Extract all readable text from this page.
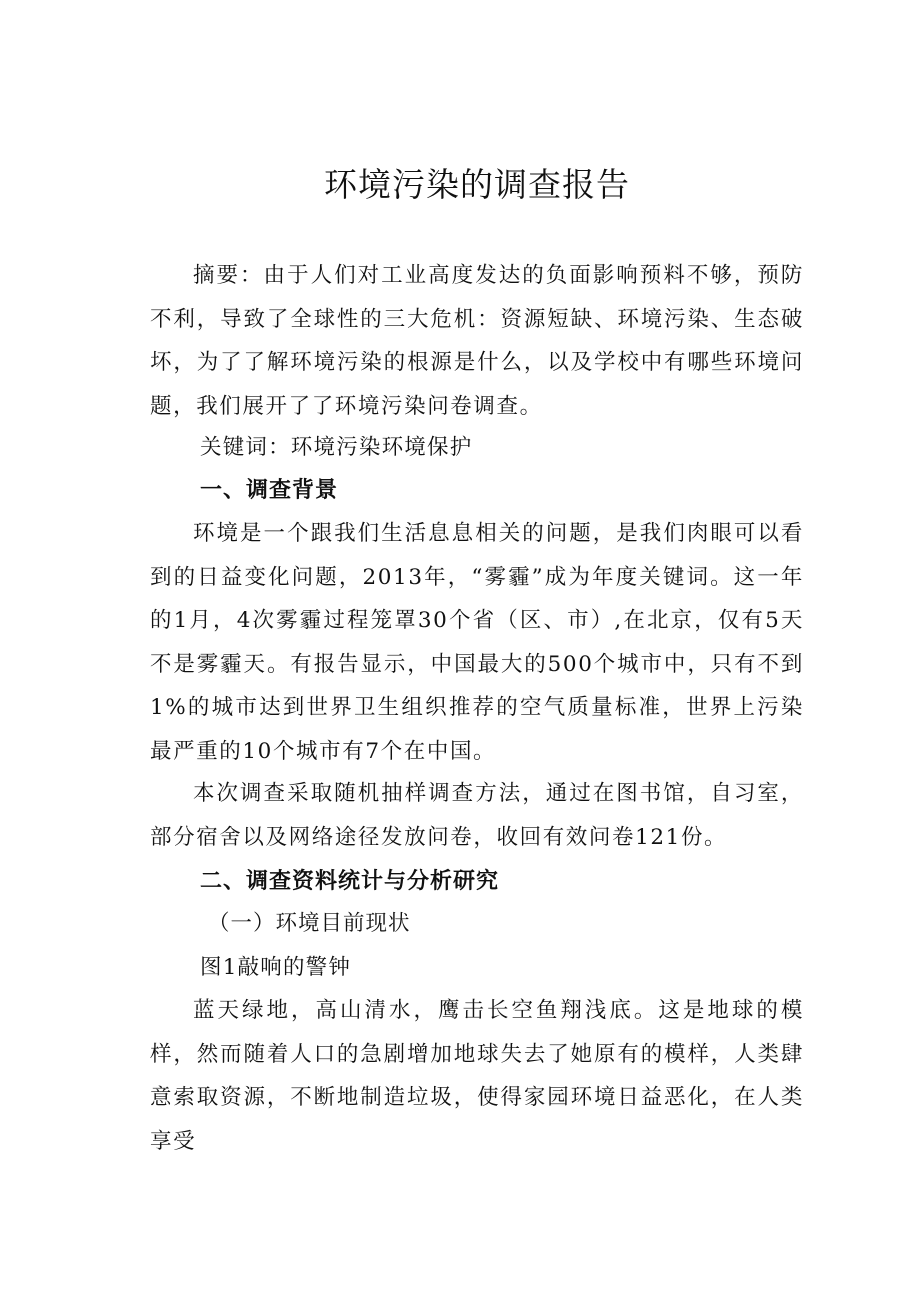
环境污染的调查报告

摘要：由于人们对工业高度发达的负面影响预料不够，预防不利，导致了全球性的三大危机：资源短缺、环境污染、生态破坏，为了了解环境污染的根源是什么，以及学校中有哪些环境问题，我们展开了了环境污染问卷调查。

关键词：环境污染环境保护

一、调查背景

环境是一个跟我们生活息息相关的问题，是我们肉眼可以看到的日益变化问题，2013年，“雾霾”成为年度关键词。这一年的1月，4次雾霾过程笼罩30个省（区、市）,在北京，仅有5天不是雾霾天。有报告显示，中国最大的500个城市中，只有不到1%的城市达到世界卫生组织推荐的空气质量标准，世界上污染最严重的10个城市有7个在中国。

本次调查采取随机抽样调查方法，通过在图书馆，自习室，部分宿舍以及网络途径发放问卷，收回有效问卷121份。

二、调查资料统计与分析研究

（一）环境目前现状

图1敲响的警钟

蓝天绿地，高山清水，鹰击长空鱼翔浅底。这是地球的模样，然而随着人口的急剧增加地球失去了她原有的模样，人类肆意索取资源，不断地制造垃圾，使得家园环境日益恶化，在人类享受
